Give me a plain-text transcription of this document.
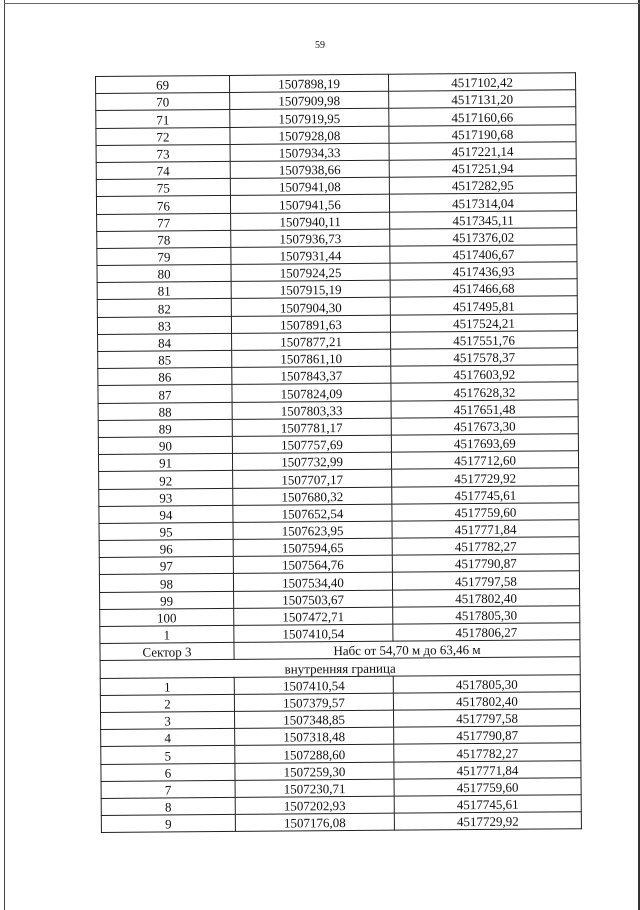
59
69	1507898,19	4517102,42
70	1507909,98	4517131,20
71	1507919,95	4517160,66
72	1507928,08	4517190,68
73	1507934,33	4517221,14
74	1507938,66	4517251,94
75	1507941,08	4517282,95
76	1507941,56	4517314,04
77	1507940,11	4517345,11
78	1507936,73	4517376,02
79	1507931,44	4517406,67
80	1507924,25	4517436,93
81	1507915,19	4517466,68
82	1507904,30	4517495,81
83	1507891,63	4517524,21
84	1507877,21	4517551,76
85	1507861,10	4517578,37
86	1507843,37	4517603,92
87	1507824,09	4517628,32
88	1507803,33	4517651,48
89	1507781,17	4517673,30
90	1507757,69	4517693,69
91	1507732,99	4517712,60
92	1507707,17	4517729,92
93	1507680,32	4517745,61
94	1507652,54	4517759,60
95	1507623,95	4517771,84
96	1507594,65	4517782,27
97	1507564,76	4517790,87
98	1507534,40	4517797,58
99	1507503,67	4517802,40
100	1507472,71	4517805,30
1	1507410,54	4517806,27
Сектор 3	Набс от 54,70 м до 63,46 м	
внутренняя граница		
1	1507410,54	4517805,30
2	1507379,57	4517802,40
3	1507348,85	4517797,58
4	1507318,48	4517790,87
5	1507288,60	4517782,27
6	1507259,30	4517771,84
7	1507230,71	4517759,60
8	1507202,93	4517745,61
9	1507176,08	4517729,92
